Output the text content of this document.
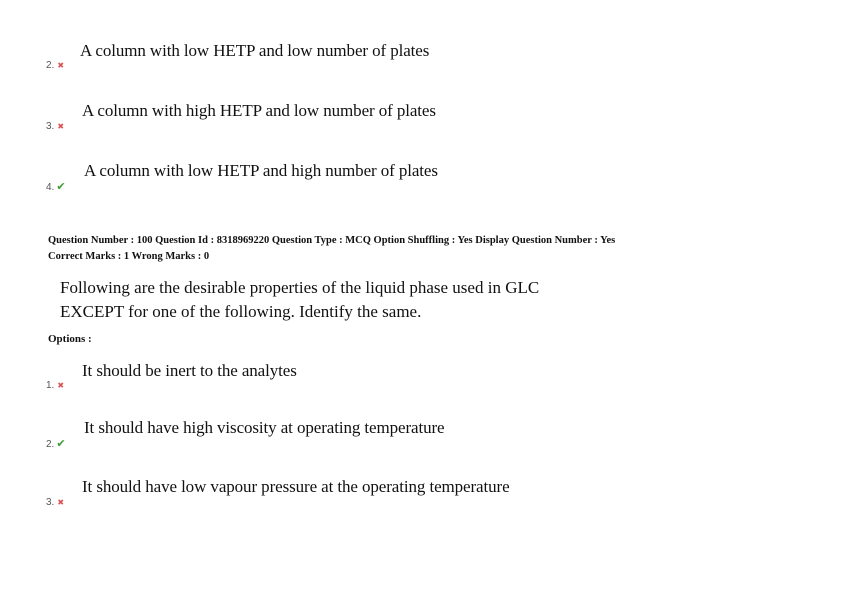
A column with low HETP and low number of plates
2. ✖
A column with high HETP and low number of plates
3. ✖
A column with low HETP and high number of plates
4. ✔
Question Number : 100 Question Id : 8318969220 Question Type : MCQ Option Shuffling : Yes Display Question Number : Yes
Correct Marks : 1 Wrong Marks : 0
Following are the desirable properties of the liquid phase used in GLC
EXCEPT for one of the following. Identify the same.
Options :
It should be inert to the analytes
1. ✖
It should have high viscosity at operating temperature
2. ✔
It should have low vapour pressure at the operating temperature
3. ✖
